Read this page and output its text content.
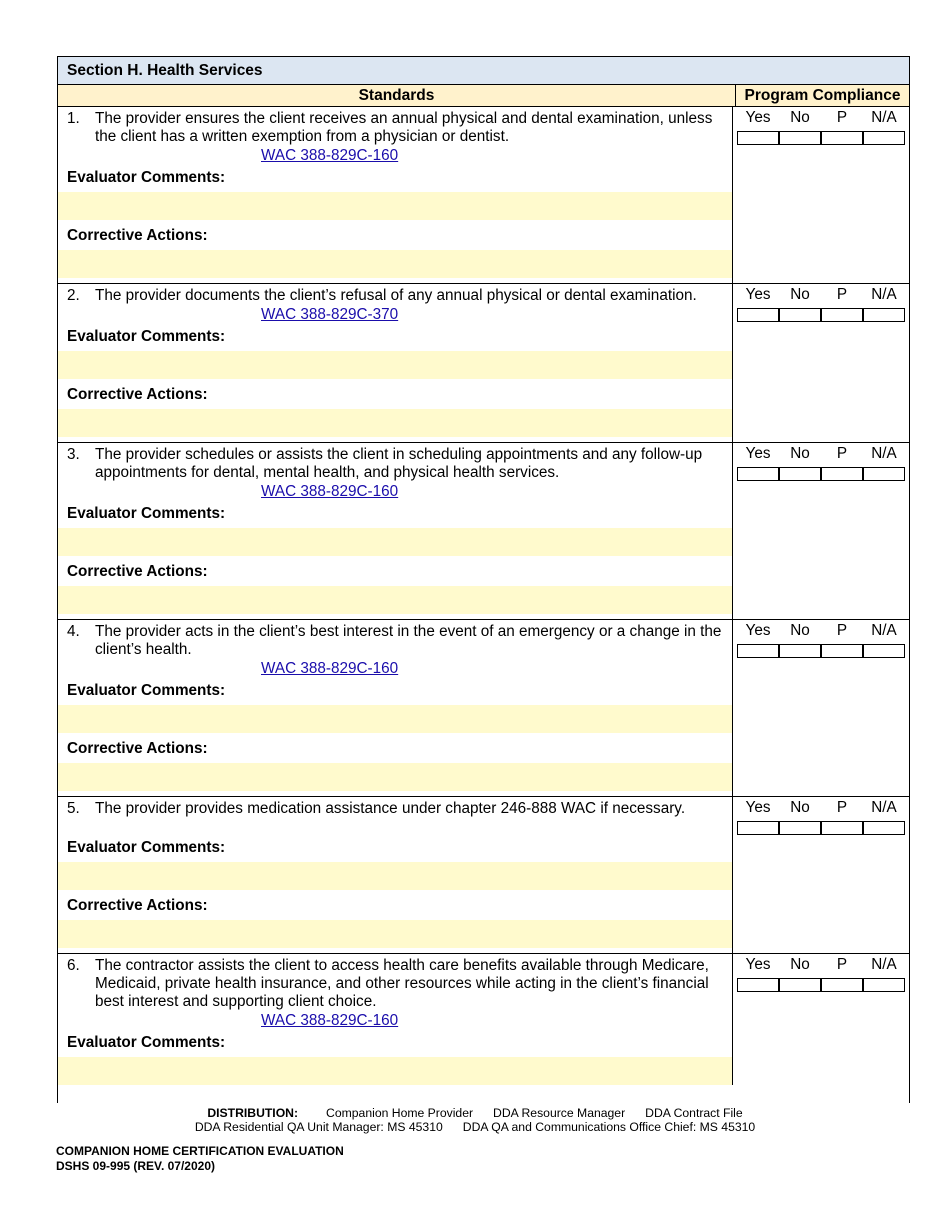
Section H. Health Services
Standards	Program Compliance
1. The provider ensures the client receives an annual physical and dental examination, unless the client has a written exemption from a physician or dentist.
WAC 388-829C-160
Evaluator Comments:
Corrective Actions:
Yes	No	P	N/A
2. The provider documents the client’s refusal of any annual physical or dental examination.
WAC 388-829C-370
Evaluator Comments:
Corrective Actions:
Yes	No	P	N/A
3. The provider schedules or assists the client in scheduling appointments and any follow-up appointments for dental, mental health, and physical health services.
WAC 388-829C-160
Evaluator Comments:
Corrective Actions:
Yes	No	P	N/A
4. The provider acts in the client’s best interest in the event of an emergency or a change in the client’s health.
WAC 388-829C-160
Evaluator Comments:
Corrective Actions:
Yes	No	P	N/A
5. The provider provides medication assistance under chapter 246-888 WAC if necessary.
Evaluator Comments:
Corrective Actions:
Yes	No	P	N/A
6. The contractor assists the client to access health care benefits available through Medicare, Medicaid, private health insurance, and other resources while acting in the client’s financial best interest and supporting client choice.
WAC 388-829C-160
Evaluator Comments:
Yes	No	P	N/A
DISTRIBUTION: Companion Home Provider DDA Resource Manager DDA Contract File
DDA Residential QA Unit Manager: MS 45310 DDA QA and Communications Office Chief: MS 45310
COMPANION HOME CERTIFICATION EVALUATION
DSHS 09-995 (REV. 07/2020)
